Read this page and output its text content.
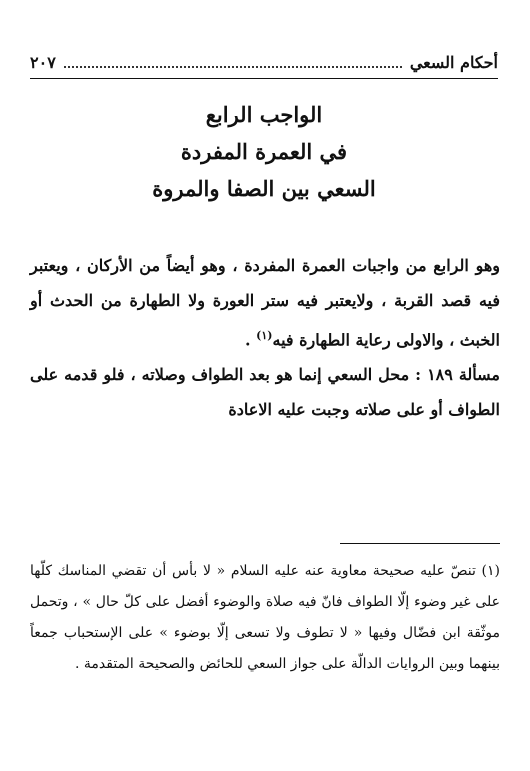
أحكام السعي
٢٠٧
الواجب الرابع
في العمرة المفردة
السعي بين الصفا والمروة

وهو الرابع من واجبات العمرة المفردة ، وهو أيضاً من الأركان ، ويعتبر فيه قصد القربة ، ولايعتبر فيه ستر العورة ولا الطهارة من الحدث أو الخبث ، والاولى رعاية الطهارة فيه$^{(١)}$ .

مسألة ١٨٩ : محل السعي إنما هو بعد الطواف وصلاته ، فلو قدمه على الطواف أو على صلاته وجبت عليه الاعادة

(١) تنصّ عليه صحيحة معاوية عنه عليه السلام « لا بأس أن تقضي المناسك كلّها على غير وضوء إلّا الطواف فانّ فيه صلاة والوضوء أفضل على كلّ حال » ، وتحمل موثّقة ابن فضّال وفيها « لا تطوف ولا تسعى إلّا بوضوء » على الإستحباب جمعاً بينهما وبين الروايات الدالّة على جواز السعي للحائض والصحيحة المتقدمة .
